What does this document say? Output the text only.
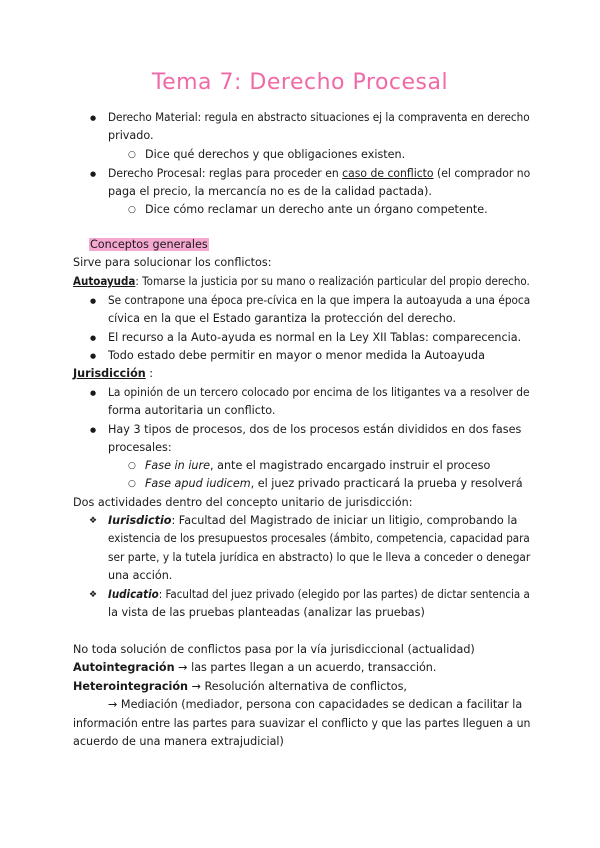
Tema 7: Derecho Procesal
● Derecho Material: regula en abstracto situaciones ej la compraventa en derecho
privado.
○ Dice qué derechos y que obligaciones existen.
● Derecho Procesal: reglas para proceder en caso de conflicto (el comprador no
paga el precio, la mercancía no es de la calidad pactada).
○ Dice cómo reclamar un derecho ante un órgano competente.
Conceptos generales
Sirve para solucionar los conflictos:
Autoayuda: Tomarse la justicia por su mano o realización particular del propio derecho.
● Se contrapone una época pre-cívica en la que impera la autoayuda a una época
cívica en la que el Estado garantiza la protección del derecho.
● El recurso a la Auto-ayuda es normal en la Ley XII Tablas: comparecencia.
● Todo estado debe permitir en mayor o menor medida la Autoayuda
Jurisdicción :
● La opinión de un tercero colocado por encima de los litigantes va a resolver de
forma autoritaria un conflicto.
● Hay 3 tipos de procesos, dos de los procesos están divididos en dos fases
procesales:
○ Fase in iure, ante el magistrado encargado instruir el proceso
○ Fase apud iudicem, el juez privado practicará la prueba y resolverá
Dos actividades dentro del concepto unitario de jurisdicción:
❖ Iurisdictio: Facultad del Magistrado de iniciar un litigio, comprobando la
existencia de los presupuestos procesales (ámbito, competencia, capacidad para
ser parte, y la tutela jurídica en abstracto) lo que le lleva a conceder o denegar
una acción.
❖ Iudicatio: Facultad del juez privado (elegido por las partes) de dictar sentencia a
la vista de las pruebas planteadas (analizar las pruebas)
No toda solución de conflictos pasa por la vía jurisdiccional (actualidad)
Autointegración → las partes llegan a un acuerdo, transacción.
Heterointegración → Resolución alternativa de conflictos,
→ Mediación (mediador, persona con capacidades se dedican a facilitar la
información entre las partes para suavizar el conflicto y que las partes lleguen a un
acuerdo de una manera extrajudicial)
